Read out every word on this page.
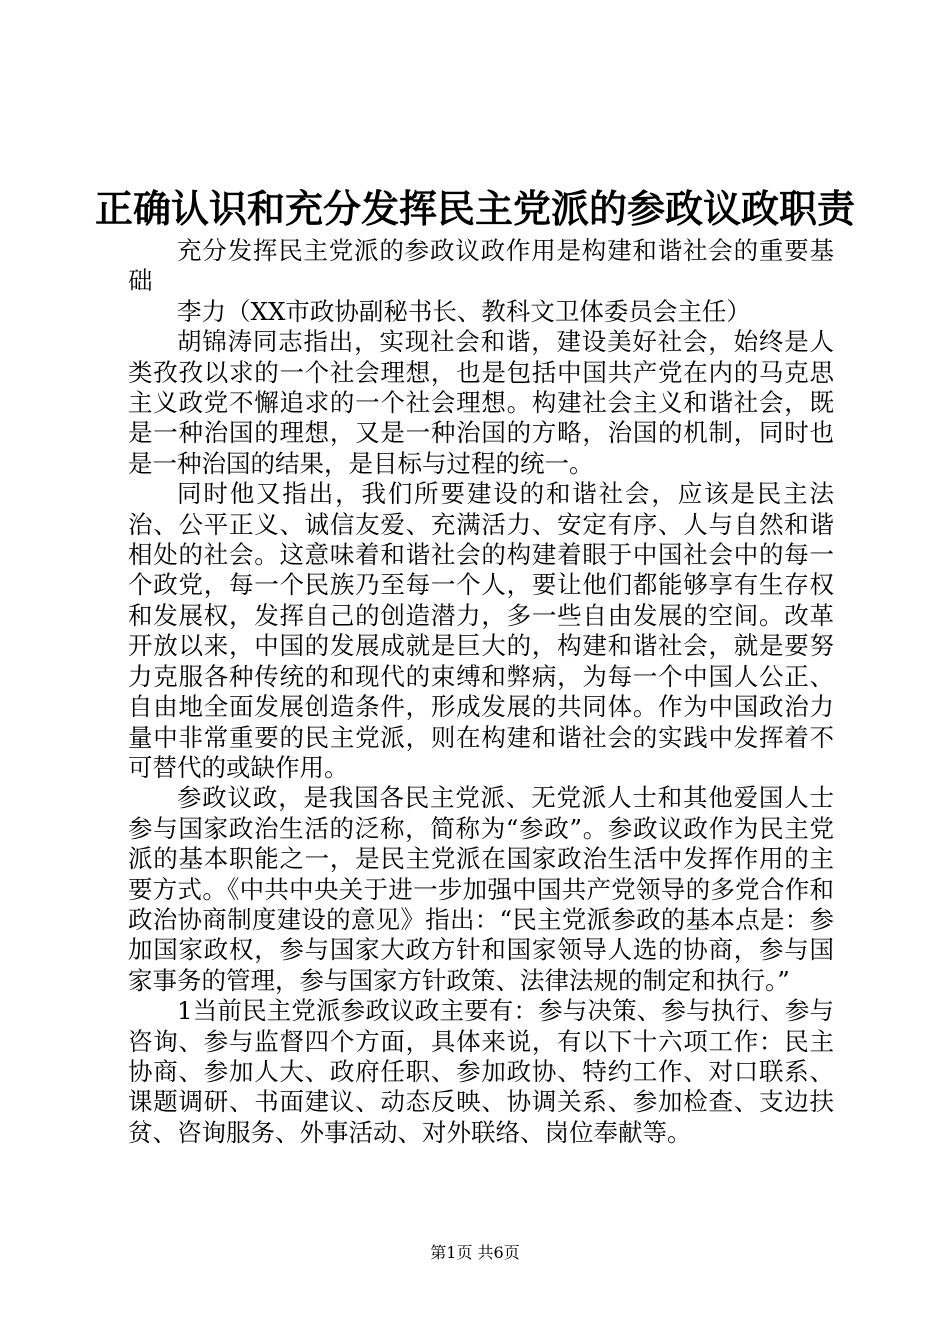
正确认识和充分发挥民主党派的参政议政职责

充分发挥民主党派的参政议政作用是构建和谐社会的重要基础

李力（XX市政协副秘书长、教科文卫体委员会主任）

胡锦涛同志指出，实现社会和谐，建设美好社会，始终是人类孜孜以求的一个社会理想，也是包括中国共产党在内的马克思主义政党不懈追求的一个社会理想。构建社会主义和谐社会，既是一种治国的理想，又是一种治国的方略，治国的机制，同时也是一种治国的结果，是目标与过程的统一。

同时他又指出，我们所要建设的和谐社会，应该是民主法治、公平正义、诚信友爱、充满活力、安定有序、人与自然和谐相处的社会。这意味着和谐社会的构建着眼于中国社会中的每一个政党，每一个民族乃至每一个人，要让他们都能够享有生存权和发展权，发挥自己的创造潜力，多一些自由发展的空间。改革开放以来，中国的发展成就是巨大的，构建和谐社会，就是要努力克服各种传统的和现代的束缚和弊病，为每一个中国人公正、自由地全面发展创造条件，形成发展的共同体。作为中国政治力量中非常重要的民主党派，则在构建和谐社会的实践中发挥着不可替代的或缺作用。

参政议政，是我国各民主党派、无党派人士和其他爱国人士参与国家政治生活的泛称，简称为“参政”。参政议政作为民主党派的基本职能之一，是民主党派在国家政治生活中发挥作用的主要方式。《中共中央关于进一步加强中国共产党领导的多党合作和政治协商制度建设的意见》指出：“民主党派参政的基本点是：参加国家政权，参与国家大政方针和国家领导人选的协商，参与国家事务的管理，参与国家方针政策、法律法规的制定和执行。”

1当前民主党派参政议政主要有：参与决策、参与执行、参与咨询、参与监督四个方面，具体来说，有以下十六项工作：民主协商、参加人大、政府任职、参加政协、特约工作、对口联系、课题调研、书面建议、动态反映、协调关系、参加检查、支边扶贫、咨询服务、外事活动、对外联络、岗位奉献等。

第1页 共6页
